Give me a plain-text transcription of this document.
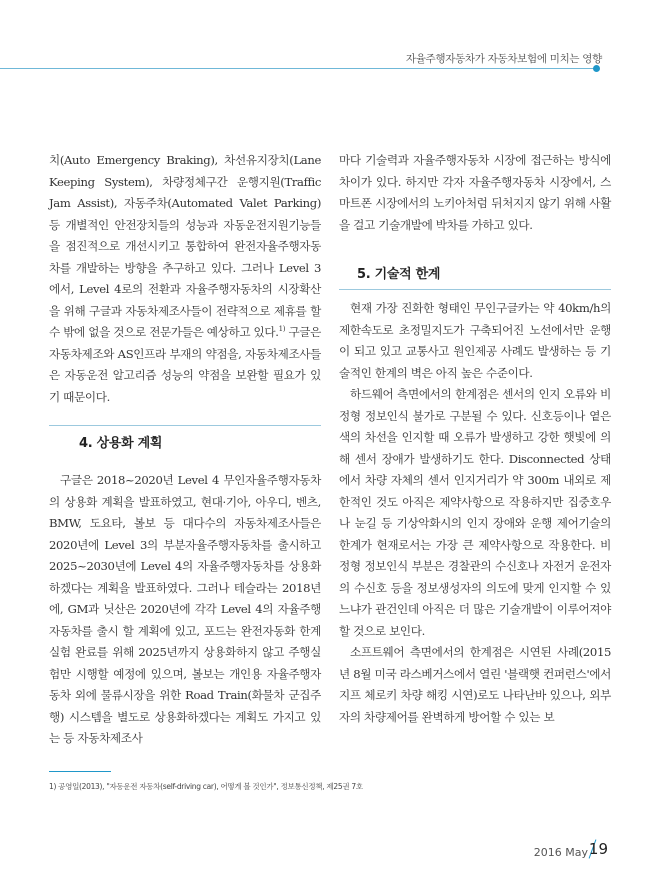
자율주행자동차가 자동차보험에 미치는 영향

치(Auto Emergency Braking), 차선유지장치(Lane Keeping System), 차량정체구간 운행지원(Traffic Jam Assist), 자동주차(Automated Valet Parking) 등 개별적인 안전장치들의 성능과 자동운전지원기능들을 점진적으로 개선시키고 통합하여 완전자율주행자동차를 개발하는 방향을 추구하고 있다. 그러나 Level 3 에서, Level 4로의 전환과 자율주행자동차의 시장확산을 위해 구글과 자동차제조사들이 전략적으로 제휴를 할 수 밖에 없을 것으로 전문가들은 예상하고 있다.$^{1)}$ 구글은 자동차제조와 AS인프라 부재의 약점을, 자동차제조사들은 자동운전 알고리즘 성능의 약점을 보완할 필요가 있기 때문이다.

4. 상용화 계획

구글은 2018~2020년 Level 4 무인자율주행자동차의 상용화 계획을 발표하였고, 현대·기아, 아우디, 벤츠, BMW, 도요타, 볼보 등 대다수의 자동차제조사들은 2020년에 Level 3의 부분자율주행자동차를 출시하고 2025~2030년에 Level 4의 자율주행자동차를 상용화하겠다는 계획을 발표하였다. 그러나 테슬라는 2018년에, GM과 닛산은 2020년에 각각 Level 4의 자율주행자동차를 출시 할 계획에 있고, 포드는 완전자동화 한계실험 완료를 위해 2025년까지 상용화하지 않고 주행실험만 시행할 예정에 있으며, 볼보는 개인용 자율주행자동차 외에 물류시장을 위한 Road Train(화물차 군집주행) 시스템을 별도로 상용화하겠다는 계획도 가지고 있는 등 자동차제조사

마다 기술력과 자율주행자동차 시장에 접근하는 방식에 차이가 있다. 하지만 각자 자율주행자동차 시장에서, 스마트폰 시장에서의 노키아처럼 뒤처지지 않기 위해 사활을 걸고 기술개발에 박차를 가하고 있다.

5. 기술적 한계

현재 가장 진화한 형태인 무인구글카는 약 40km/h의 제한속도로 초정밀지도가 구축되어진 노선에서만 운행이 되고 있고 교통사고 원인제공 사례도 발생하는 등 기술적인 한계의 벽은 아직 높은 수준이다.

하드웨어 측면에서의 한계점은 센서의 인지 오류와 비정형 정보인식 불가로 구분될 수 있다. 신호등이나 옅은 색의 차선을 인지할 때 오류가 발생하고 강한 햇빛에 의해 센서 장애가 발생하기도 한다. Disconnected 상태에서 차량 자체의 센서 인지거리가 약 300m 내외로 제한적인 것도 아직은 제약사항으로 작용하지만 집중호우나 눈길 등 기상악화시의 인지 장애와 운행 제어기술의 한계가 현재로서는 가장 큰 제약사항으로 작용한다. 비정형 정보인식 부분은 경찰관의 수신호나 자전거 운전자의 수신호 등을 정보생성자의 의도에 맞게 인지할 수 있느냐가 관건인데 아직은 더 많은 기술개발이 이루어져야 할 것으로 보인다.

소프트웨어 측면에서의 한계점은 시연된 사례(2015년 8월 미국 라스베거스에서 열린 '블랙햇 컨퍼런스'에서 지프 체로키 차량 해킹 시연)로도 나타난바 있으나, 외부자의 차량제어를 완벽하게 방어할 수 있는 보

1) 공영일(2013), "자동운전 자동차(self-driving car), 어떻게 볼 것인가", 정보통신정책, 제25권 7호
2016 May 19
